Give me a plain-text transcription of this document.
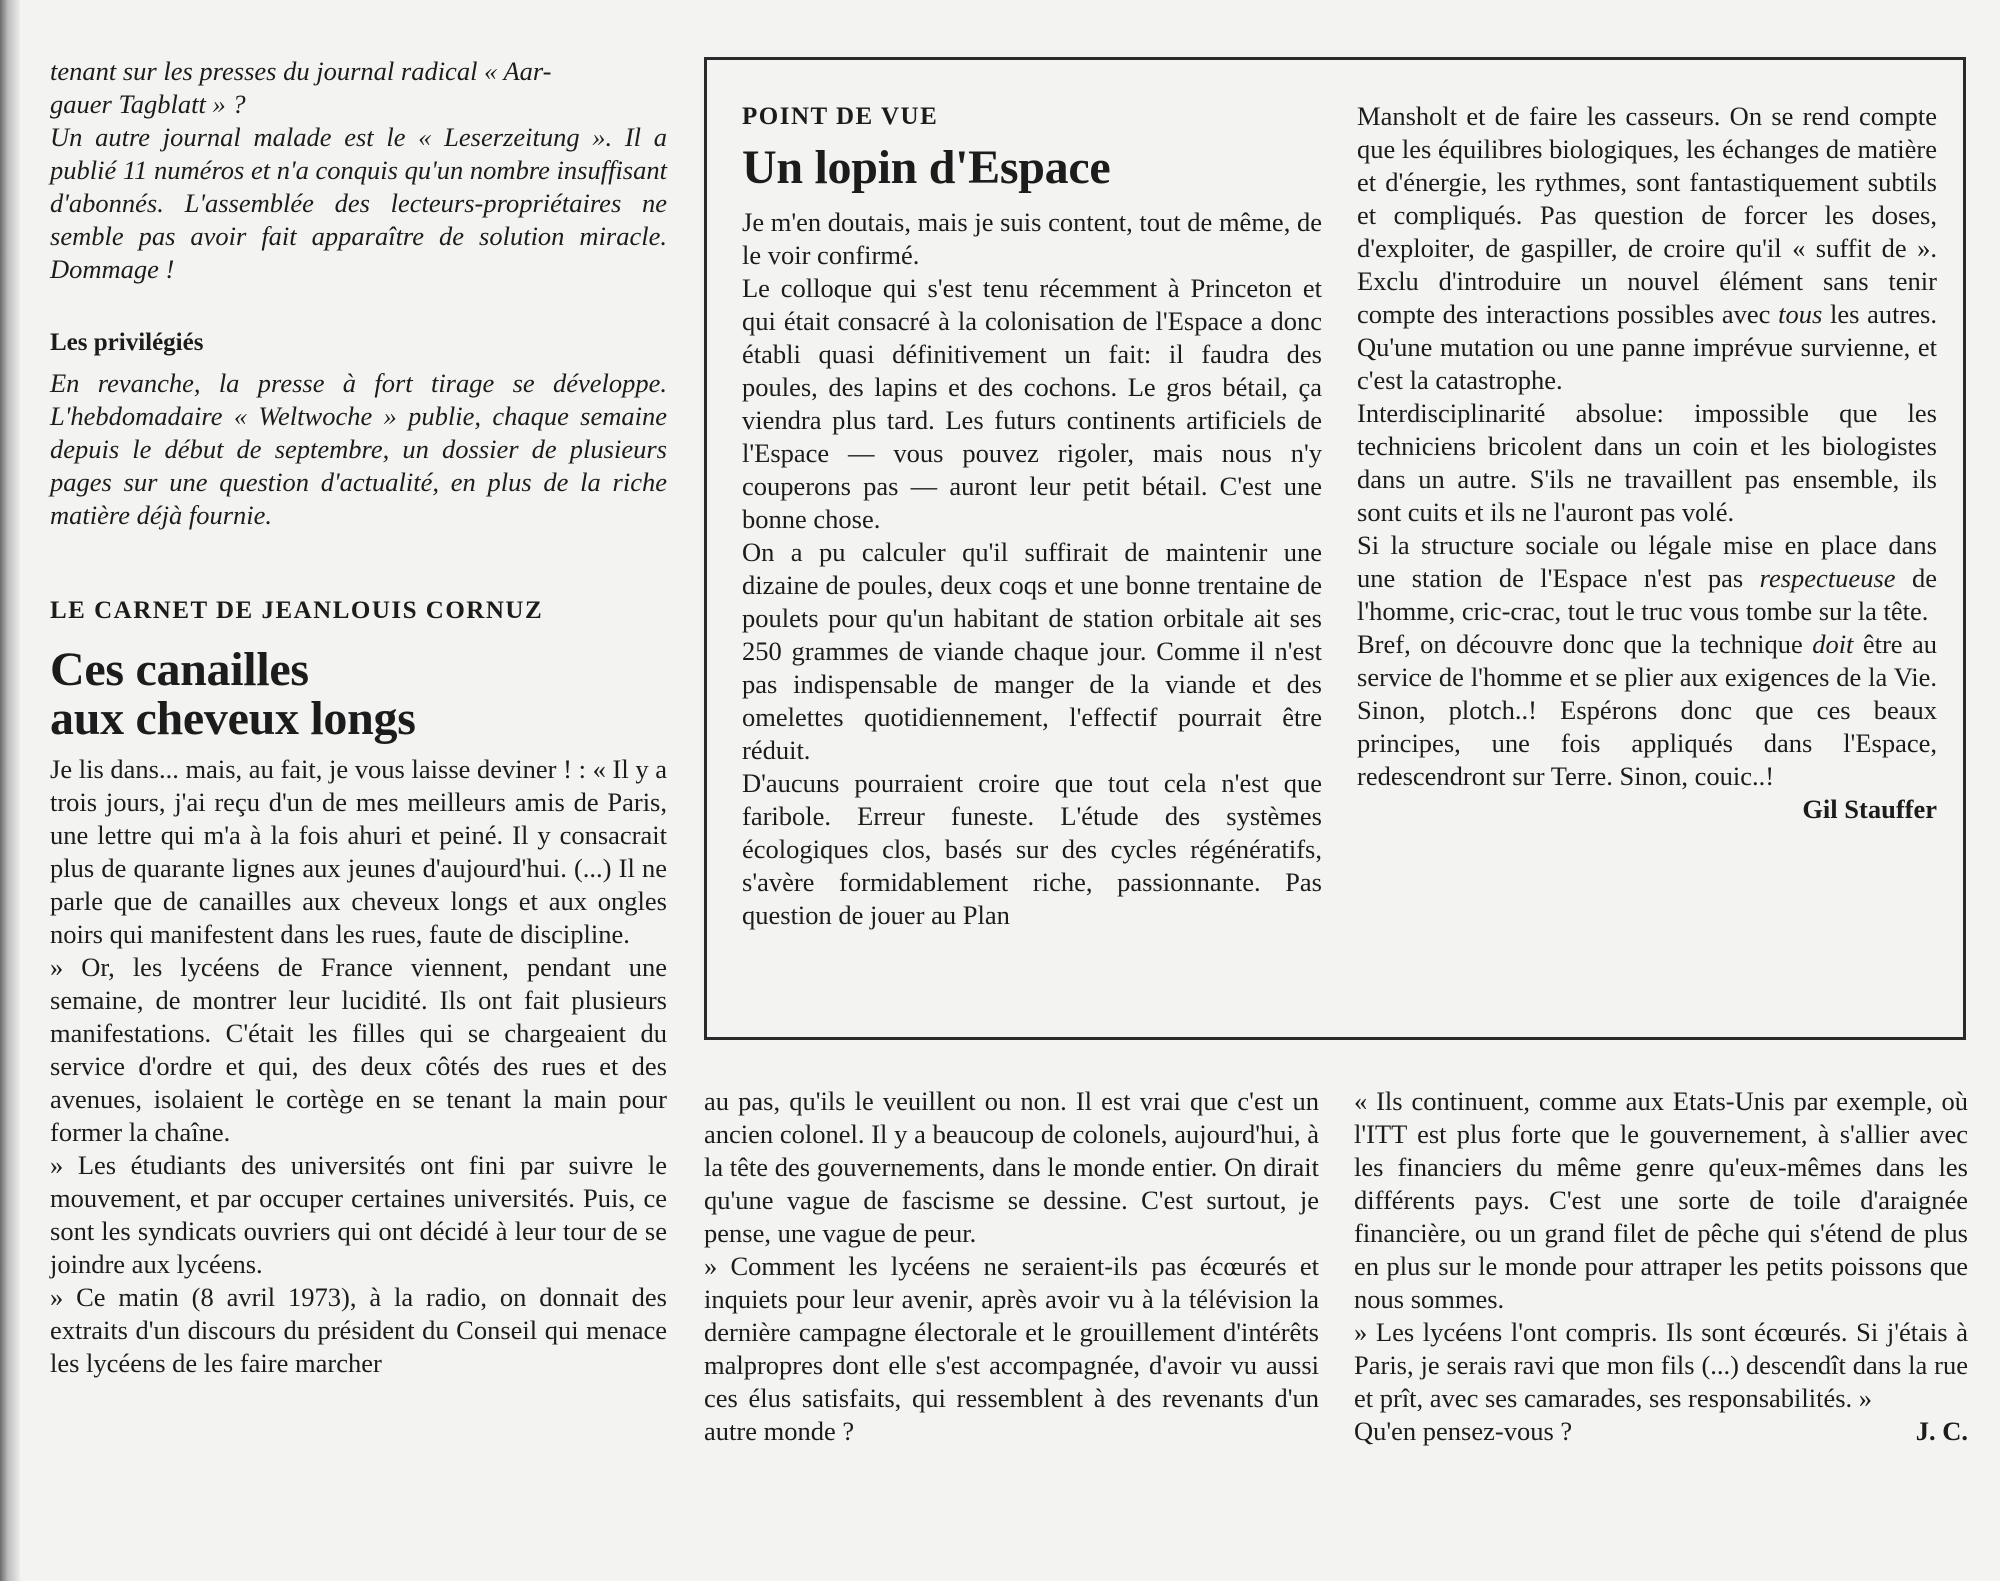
tenant sur les presses du journal radical « Aar-
gauer Tagblatt » ?

Un autre journal malade est le « Leserzeitung ». Il a publié 11 numéros et n'a conquis qu'un nombre insuffisant d'abonnés. L'assemblée des lecteurs-propriétaires ne semble pas avoir fait apparaître de solution miracle. Dommage !

Les privilégiés

En revanche, la presse à fort tirage se développe. L'hebdomadaire « Weltwoche » publie, chaque semaine depuis le début de septembre, un dossier de plusieurs pages sur une question d'actualité, en plus de la riche matière déjà fournie.

LE CARNET DE JEANLOUIS CORNUZ

Ces canailles

aux cheveux longs

Je lis dans... mais, au fait, je vous laisse deviner ! : « Il y a trois jours, j'ai reçu d'un de mes meilleurs amis de Paris, une lettre qui m'a à la fois ahuri et peiné. Il y consacrait plus de quarante lignes aux jeunes d'aujourd'hui. (...) Il ne parle que de canailles aux cheveux longs et aux ongles noirs qui manifestent dans les rues, faute de discipline.

» Or, les lycéens de France viennent, pendant une semaine, de montrer leur lucidité. Ils ont fait plusieurs manifestations. C'était les filles qui se chargeaient du service d'ordre et qui, des deux côtés des rues et des avenues, isolaient le cortège en se tenant la main pour former la chaîne.

» Les étudiants des universités ont fini par suivre le mouvement, et par occuper certaines universités. Puis, ce sont les syndicats ouvriers qui ont décidé à leur tour de se joindre aux lycéens.

» Ce matin (8 avril 1973), à la radio, on donnait des extraits d'un discours du président du Conseil qui menace les lycéens de les faire marcher

POINT DE VUE

Un lopin d'Espace

Je m'en doutais, mais je suis content, tout de même, de le voir confirmé.

Le colloque qui s'est tenu récemment à Princeton et qui était consacré à la colonisation de l'Espace a donc établi quasi définitivement un fait: il faudra des poules, des lapins et des cochons. Le gros bétail, ça viendra plus tard. Les futurs continents artificiels de l'Espace — vous pouvez rigoler, mais nous n'y couperons pas — auront leur petit bétail. C'est une bonne chose.

On a pu calculer qu'il suffirait de maintenir une dizaine de poules, deux coqs et une bonne trentaine de poulets pour qu'un habitant de station orbitale ait ses 250 grammes de viande chaque jour. Comme il n'est pas indispensable de manger de la viande et des omelettes quotidiennement, l'effectif pourrait être réduit.

D'aucuns pourraient croire que tout cela n'est que faribole. Erreur funeste. L'étude des systèmes écologiques clos, basés sur des cycles régénératifs, s'avère formidablement riche, passionnante. Pas question de jouer au Plan

Mansholt et de faire les casseurs. On se rend compte que les équilibres biologiques, les échanges de matière et d'énergie, les rythmes, sont fantastiquement subtils et compliqués. Pas question de forcer les doses, d'exploiter, de gaspiller, de croire qu'il « suffit de ». Exclu d'introduire un nouvel élément sans tenir compte des interactions possibles avec tous les autres. Qu'une mutation ou une panne imprévue survienne, et c'est la catastrophe.

Interdisciplinarité absolue: impossible que les techniciens bricolent dans un coin et les biologistes dans un autre. S'ils ne travaillent pas ensemble, ils sont cuits et ils ne l'auront pas volé.

Si la structure sociale ou légale mise en place dans une station de l'Espace n'est pas respectueuse de l'homme, cric-crac, tout le truc vous tombe sur la tête.

Bref, on découvre donc que la technique doit être au service de l'homme et se plier aux exigences de la Vie. Sinon, plotch..! Espérons donc que ces beaux principes, une fois appliqués dans l'Espace, redescendront sur Terre. Sinon, couic..!

Gil Stauffer

au pas, qu'ils le veuillent ou non. Il est vrai que c'est un ancien colonel. Il y a beaucoup de colonels, aujourd'hui, à la tête des gouvernements, dans le monde entier. On dirait qu'une vague de fascisme se dessine. C'est surtout, je pense, une vague de peur.

» Comment les lycéens ne seraient-ils pas écœurés et inquiets pour leur avenir, après avoir vu à la télévision la dernière campagne électorale et le grouillement d'intérêts malpropres dont elle s'est accompagnée, d'avoir vu aussi ces élus satisfaits, qui ressemblent à des revenants d'un autre monde ?

« Ils continuent, comme aux Etats-Unis par exemple, où l'ITT est plus forte que le gouvernement, à s'allier avec les financiers du même genre qu'eux-mêmes dans les différents pays. C'est une sorte de toile d'araignée financière, ou un grand filet de pêche qui s'étend de plus en plus sur le monde pour attraper les petits poissons que nous sommes.

» Les lycéens l'ont compris. Ils sont écœurés. Si j'étais à Paris, je serais ravi que mon fils (...) descendît dans la rue et prît, avec ses camarades, ses responsabilités. »

Qu'en pensez-vous ?	J. C.
